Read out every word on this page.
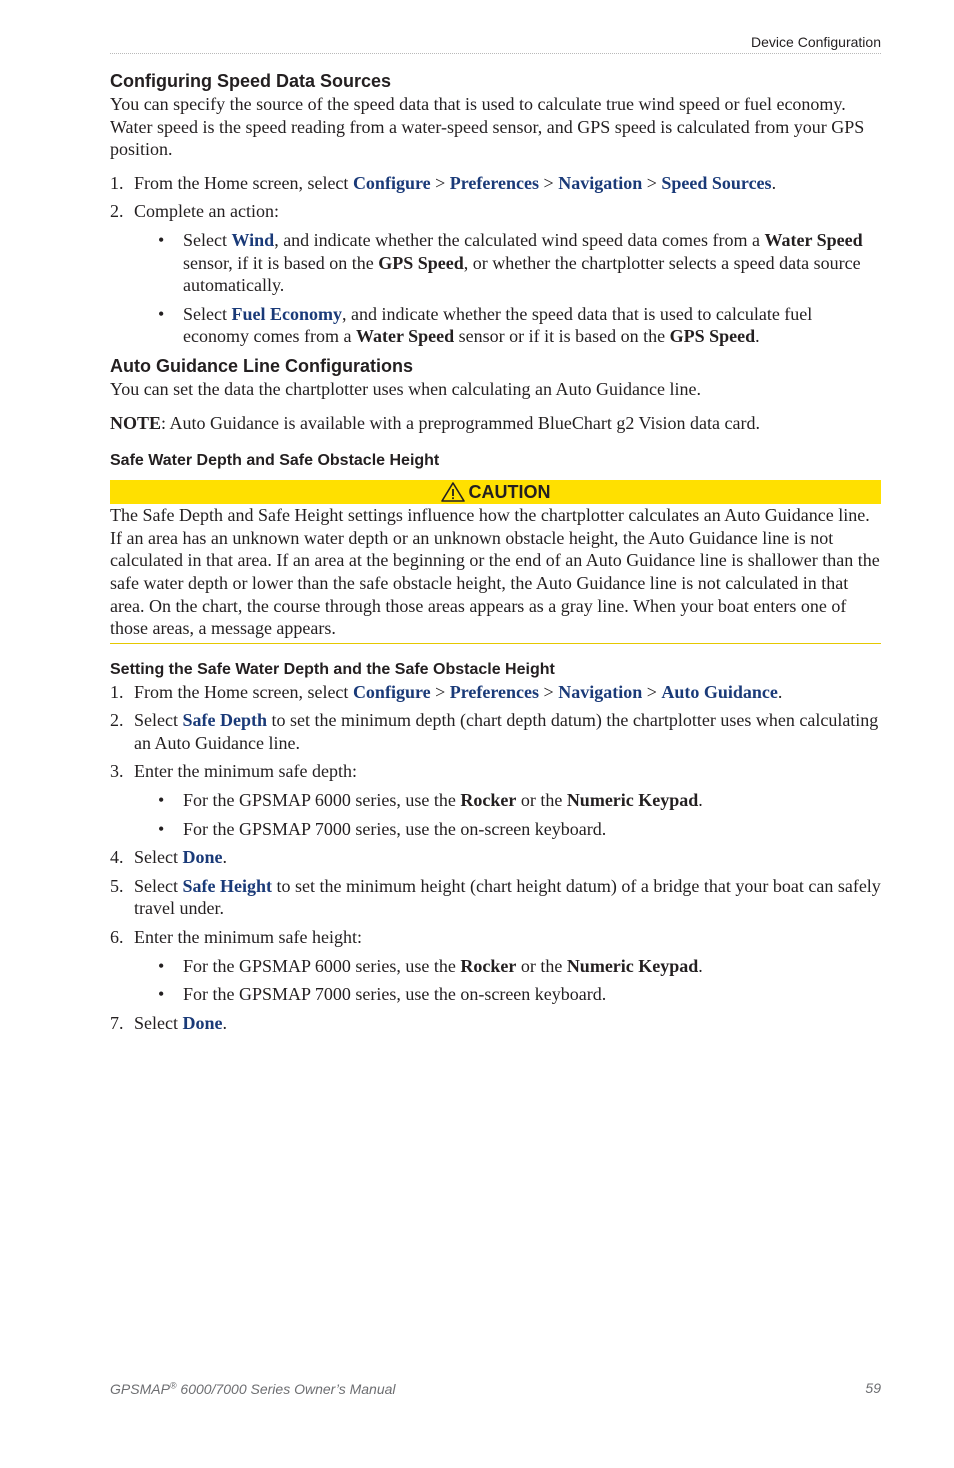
Device Configuration
Configuring Speed Data Sources

You can specify the source of the speed data that is used to calculate true wind speed or fuel economy. Water speed is the speed reading from a water-speed sensor, and GPS speed is calculated from your GPS position.

1. From the Home screen, select Configure > Preferences > Navigation > Speed Sources.
2. Complete an action:
• Select Wind, and indicate whether the calculated wind speed data comes from a Water Speed sensor, if it is based on the GPS Speed, or whether the chartplotter selects a speed data source automatically.
• Select Fuel Economy, and indicate whether the speed data that is used to calculate fuel economy comes from a Water Speed sensor or if it is based on the GPS Speed.
Auto Guidance Line Configurations

You can set the data the chartplotter uses when calculating an Auto Guidance line.

NOTE: Auto Guidance is available with a preprogrammed BlueChart g2 Vision data card.

Safe Water Depth and Safe Obstacle Height
CAUTION

The Safe Depth and Safe Height settings influence how the chartplotter calculates an Auto Guidance line. If an area has an unknown water depth or an unknown obstacle height, the Auto Guidance line is not calculated in that area. If an area at the beginning or the end of an Auto Guidance line is shallower than the safe water depth or lower than the safe obstacle height, the Auto Guidance line is not calculated in that area. On the chart, the course through those areas appears as a gray line. When your boat enters one of those areas, a message appears.

Setting the Safe Water Depth and the Safe Obstacle Height
1. From the Home screen, select Configure > Preferences > Navigation > Auto Guidance.
2. Select Safe Depth to set the minimum depth (chart depth datum) the chartplotter uses when calculating an Auto Guidance line.
3. Enter the minimum safe depth:
• For the GPSMAP 6000 series, use the Rocker or the Numeric Keypad.
• For the GPSMAP 7000 series, use the on-screen keyboard.
4. Select Done.
5. Select Safe Height to set the minimum height (chart height datum) of a bridge that your boat can safely travel under.
6. Enter the minimum safe height:
• For the GPSMAP 6000 series, use the Rocker or the Numeric Keypad.
• For the GPSMAP 7000 series, use the on-screen keyboard.
7. Select Done.
GPSMAP® 6000/7000 Series Owner’s Manual	59
